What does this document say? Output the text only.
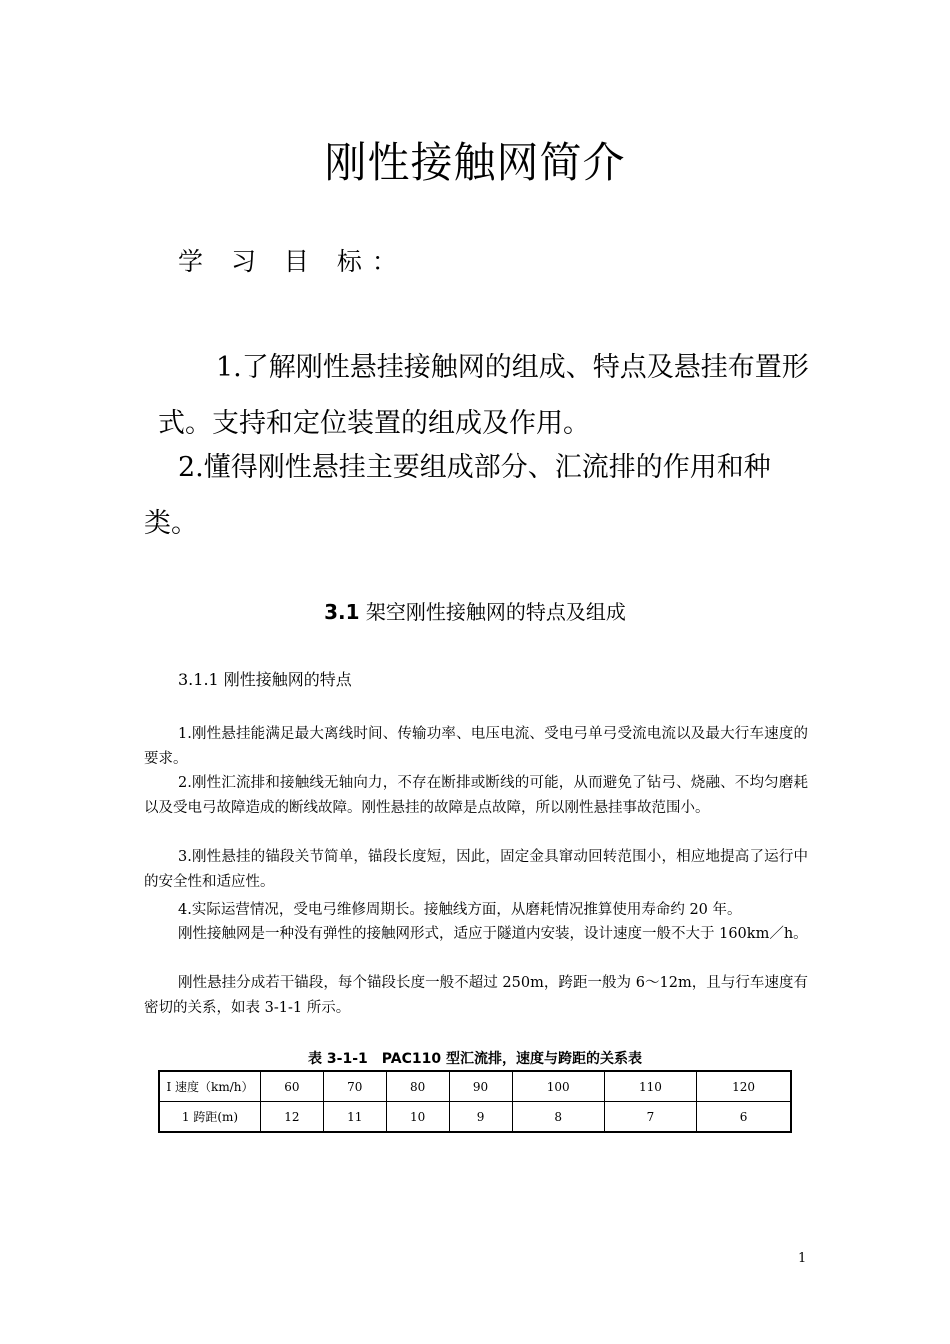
刚性接触网简介
学 习 目 标：
1.了解刚性悬挂接触网的组成、特点及悬挂布置形式。支持和定位装置的组成及作用。
2.懂得刚性悬挂主要组成部分、汇流排的作用和种类。
3.1 架空刚性接触网的特点及组成
3.1.1 刚性接触网的特点
1.刚性悬挂能满足最大离线时间、传输功率、电压电流、受电弓单弓受流电流以及最大行车速度的要求。
2.刚性汇流排和接触线无轴向力，不存在断排或断线的可能，从而避免了钻弓、烧融、不均匀磨耗以及受电弓故障造成的断线故障。刚性悬挂的故障是点故障，所以刚性悬挂事故范围小。
3.刚性悬挂的锚段关节简单，锚段长度短，因此，固定金具窜动回转范围小，相应地提高了运行中的安全性和适应性。
4.实际运营情况，受电弓维修周期长。接触线方面，从磨耗情况推算使用寿命约 20 年。
刚性接触网是一种没有弹性的接触网形式，适应于隧道内安装，设计速度一般不大于 160km／h。
刚性悬挂分成若干锚段，每个锚段长度一般不超过 250m，跨距一般为 6～12m，且与行车速度有密切的关系，如表 3-1-1 所示。
表 3-1-1　PAC110 型汇流排，速度与跨距的关系表
I 速度（km/h）	60	70	80	90	100	110	120
1 跨距(m)	12	11	10	9	8	7	6
1
